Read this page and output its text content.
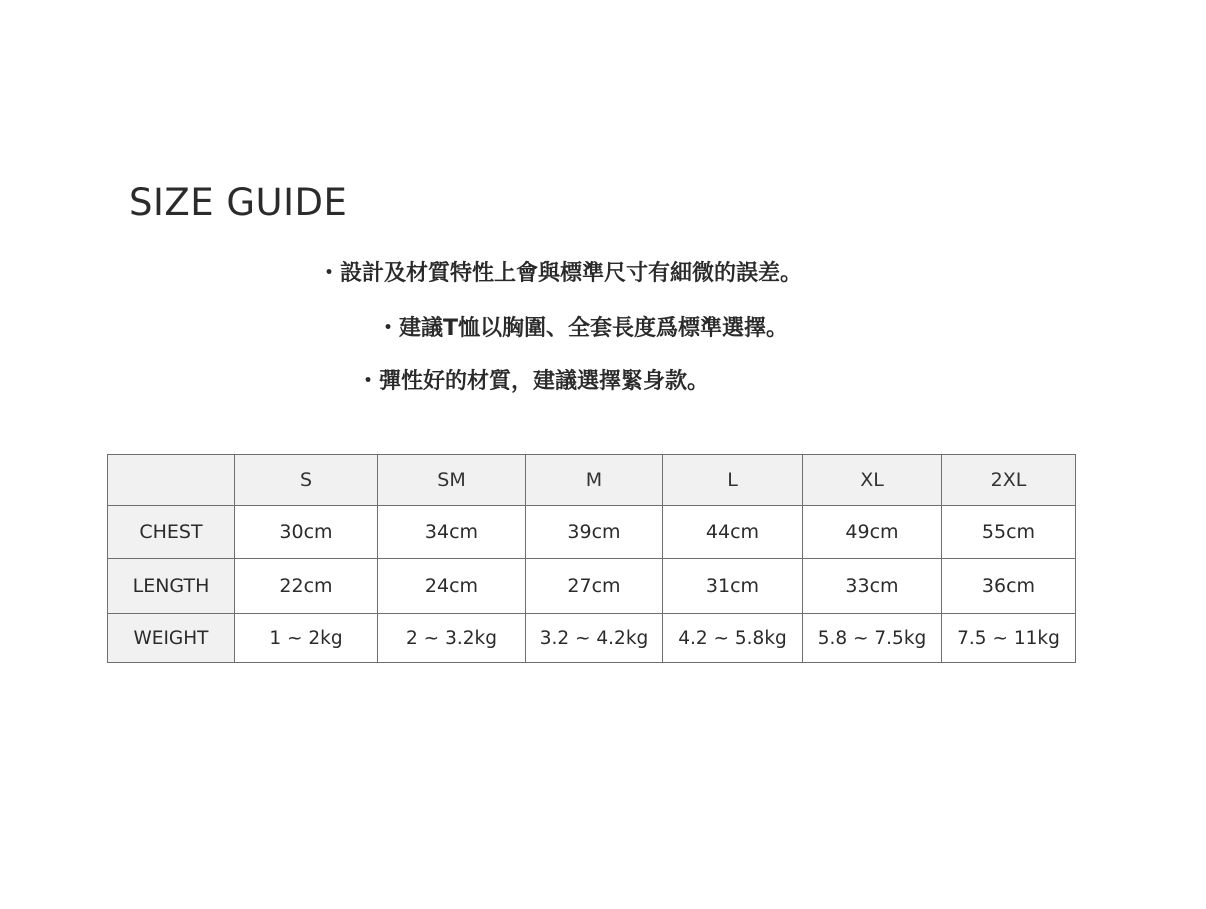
SIZE GUIDE
・設計及材質特性上會與標準尺寸有細微的誤差。
・建議T恤以胸圍、全套長度爲標準選擇。
・彈性好的材質，建議選擇緊身款。
	S	SM	M	L	XL	2XL
CHEST	30cm	34cm	39cm	44cm	49cm	55cm
LENGTH	22cm	24cm	27cm	31cm	33cm	36cm
WEIGHT	1 ~ 2kg	2 ~ 3.2kg	3.2 ~ 4.2kg	4.2 ~ 5.8kg	5.8 ~ 7.5kg	7.5 ~ 11kg
